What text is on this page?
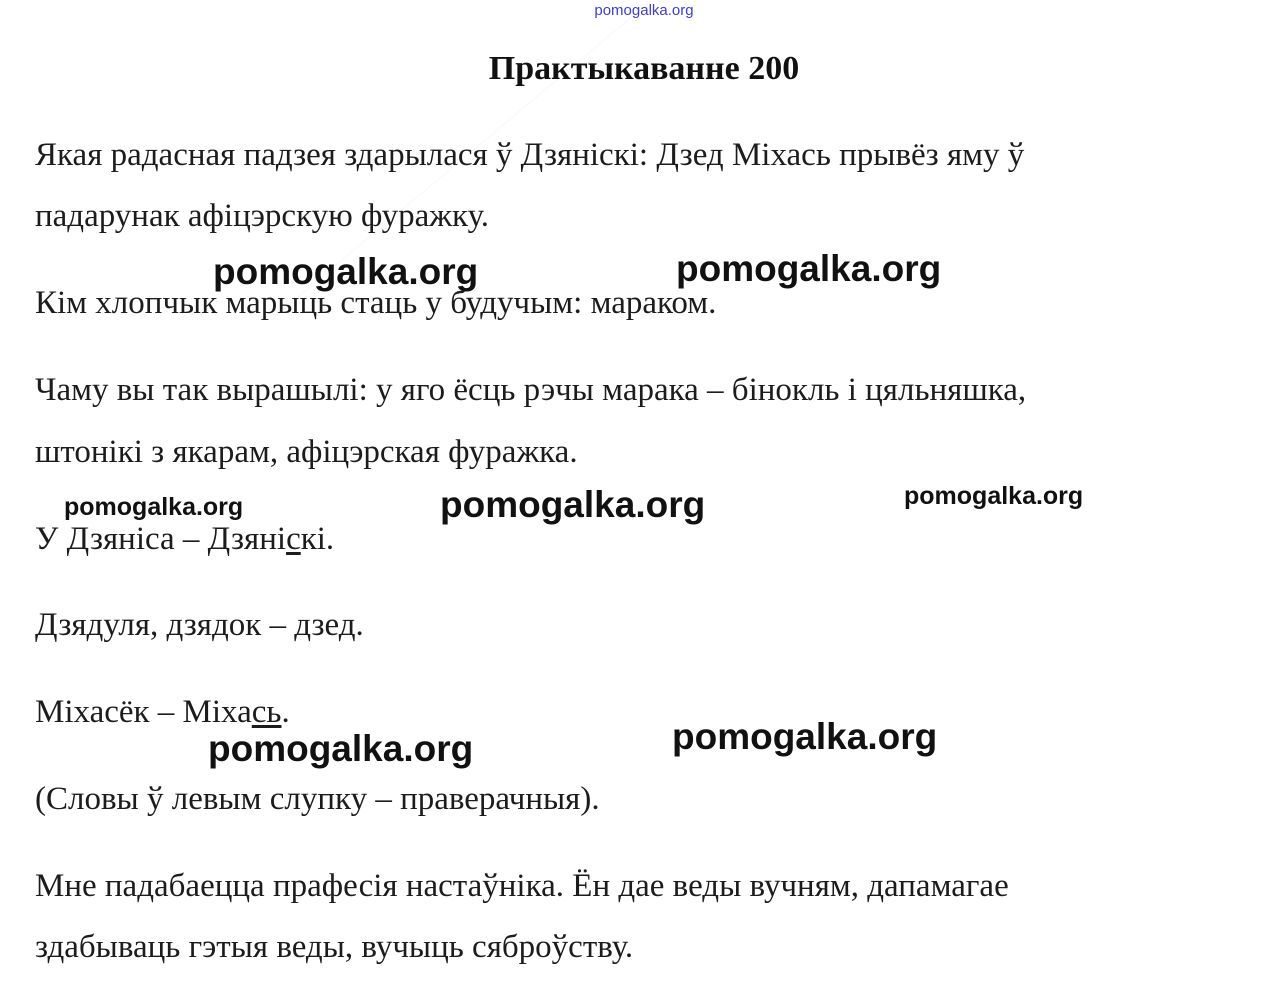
pomogalka.org
Практыкаванне 200
Якая радасная падзея здарылася ў Дзяніскі: Дзед Міхась прывёз яму ў
падарунак афіцэрскую фуражку.
Кім хлопчык марыць стаць у будучым: мараком.
Чаму вы так вырашылі: у яго ёсць рэчы марака – бінокль і цяльняшка,
штонікі з якарам, афіцэрская фуражка.
У Дзяніса – Дзяніскі.
Дзядуля, дзядок – дзед.
Міхасёк – Міхась.
(Словы ў левым слупку – праверачныя).
Мне падабаецца прафесія настаўніка. Ён дае веды вучням, дапамагае
здабываць гэтыя веды, вучыць сяброўству.
pomogalka.org	pomogalka.org
pomogalka.org	pomogalka.org	pomogalka.org
pomogalka.org	pomogalka.org
